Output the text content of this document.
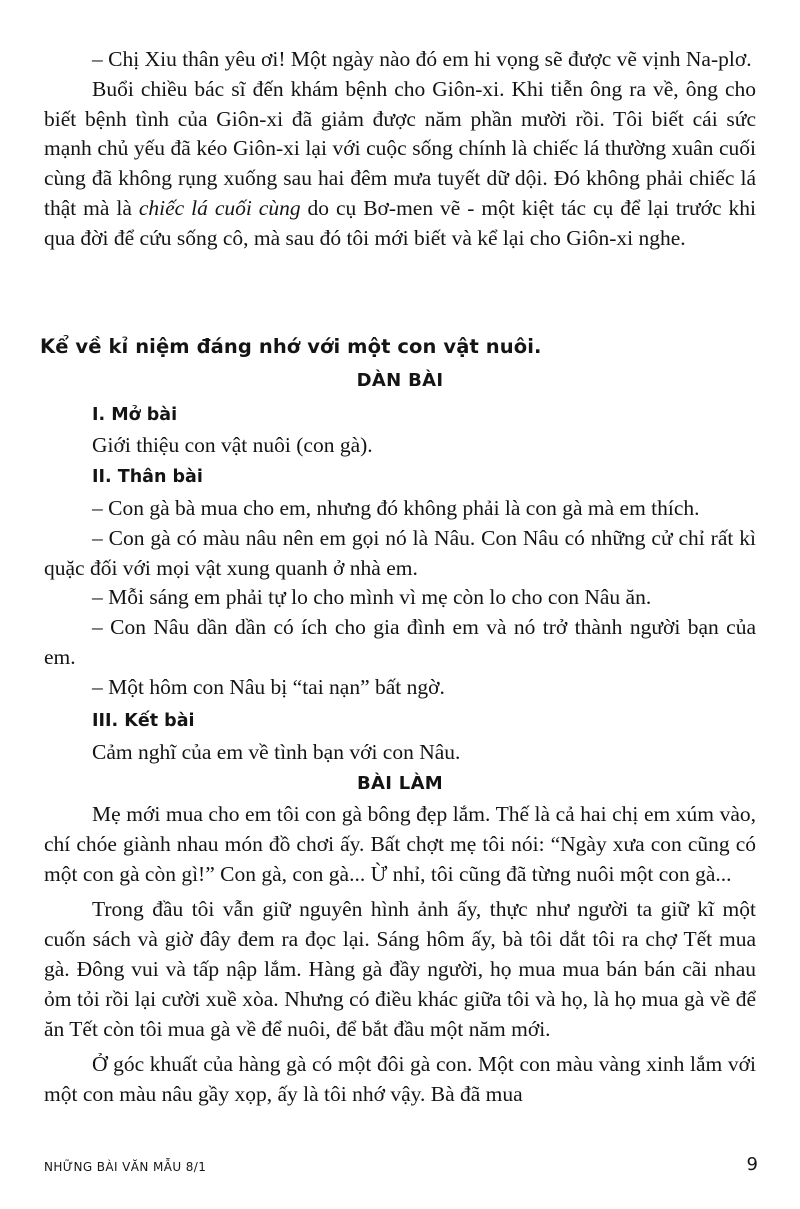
– Chị Xiu thân yêu ơi! Một ngày nào đó em hi vọng sẽ được vẽ vịnh Na-plơ.

Buổi chiều bác sĩ đến khám bệnh cho Giôn-xi. Khi tiễn ông ra về, ông cho biết bệnh tình của Giôn-xi đã giảm được năm phần mười rồi. Tôi biết cái sức mạnh chủ yếu đã kéo Giôn-xi lại với cuộc sống chính là chiếc lá thường xuân cuối cùng đã không rụng xuống sau hai đêm mưa tuyết dữ dội. Đó không phải chiếc lá thật mà là chiếc lá cuối cùng do cụ Bơ-men vẽ - một kiệt tác cụ để lại trước khi qua đời để cứu sống cô, mà sau đó tôi mới biết và kể lại cho Giôn-xi nghe.

Kể về kỉ niệm đáng nhớ với một con vật nuôi.
DÀN BÀI
I. Mở bài
Giới thiệu con vật nuôi (con gà).
II. Thân bài

– Con gà bà mua cho em, nhưng đó không phải là con gà mà em thích.

– Con gà có màu nâu nên em gọi nó là Nâu. Con Nâu có những cử chỉ rất kì quặc đối với mọi vật xung quanh ở nhà em.

– Mỗi sáng em phải tự lo cho mình vì mẹ còn lo cho con Nâu ăn.

– Con Nâu dần dần có ích cho gia đình em và nó trở thành người bạn của em.

– Một hôm con Nâu bị “tai nạn” bất ngờ.

III. Kết bài
Cảm nghĩ của em về tình bạn với con Nâu.
BÀI LÀM

Mẹ mới mua cho em tôi con gà bông đẹp lắm. Thế là cả hai chị em xúm vào, chí chóe giành nhau món đồ chơi ấy. Bất chợt mẹ tôi nói: “Ngày xưa con cũng có một con gà còn gì!” Con gà, con gà... Ừ nhỉ, tôi cũng đã từng nuôi một con gà...

Trong đầu tôi vẫn giữ nguyên hình ảnh ấy, thực như người ta giữ kĩ một cuốn sách và giờ đây đem ra đọc lại. Sáng hôm ấy, bà tôi dắt tôi ra chợ Tết mua gà. Đông vui và tấp nập lắm. Hàng gà đầy người, họ mua mua bán bán cãi nhau ỏm tỏi rồi lại cười xuề xòa. Nhưng có điều khác giữa tôi và họ, là họ mua gà về để ăn Tết còn tôi mua gà về để nuôi, để bắt đầu một năm mới.

Ở góc khuất của hàng gà có một đôi gà con. Một con màu vàng xinh lắm với một con màu nâu gầy xọp, ấy là tôi nhớ vậy. Bà đã mua

NHỮNG BÀI VĂN MẪU 8/1	9
